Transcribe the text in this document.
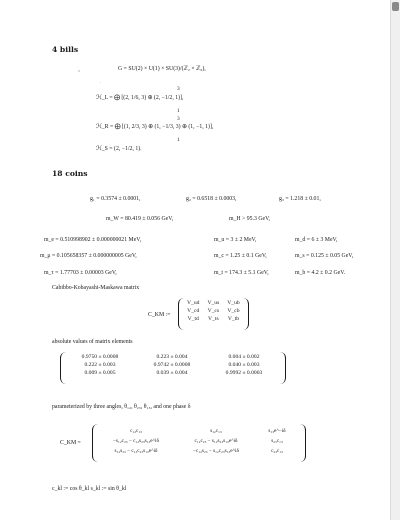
4 bills
G = SU(2) × U(1) × SU(3)/(ℤ₂ × ℤ₆),
3
ℋ_L = ⨁ [(2, 1/6, 3) ⊕ (2, −1/2, 1)],
1
3
ℋ_R = ⨁ [(1, 2/3, 3) ⊕ (1, −1/3, 3) ⊕ (1, −1, 1)],
1
ℋ_S = (2, −1/2, 1).
18 coins
g₁ = 0.3574 ± 0.0001,	g₂ = 0.6518 ± 0.0003,	g₃ = 1.218 ± 0.01,
m_W = 80.419 ± 0.056 GeV,	m_H > 95.3 GeV,
m_e = 0.510998902 ± 0.000000021 MeV,	m_u = 3 ± 2 MeV,	m_d = 6 ± 3 MeV,
m_μ = 0.105658357 ± 0.000000005 GeV,	m_c = 1.25 ± 0.1 GeV,	m_s = 0.125 ± 0.05 GeV,
m_τ = 1.77703 ± 0.00003 GeV,	m_t = 174.3 ± 5.1 GeV,	m_b = 4.2 ± 0.2 GeV.
Cabibbo-Kobayashi-Maskawa matrix
C_KM :=
V_ud	V_us	V_ub
V_cd	V_cs	V_cb
V_td	V_ts	V_tb
absolute values of matrix elements
0.9750 ± 0.0008	0.223 ± 0.004	0.004 ± 0.002
0.222 ± 0.003	0.9742 ± 0.0008	0.040 ± 0.003
0.009 ± 0.005	0.039 ± 0.004	0.9992 ± 0.0003
parameterized by three angles, θ₁₂, θ₂₃, θ₁₃, and one phase δ
C_KM =
c₁₂c₁₃	s₁₂c₁₃	s₁₃e^−iδ
−s₁₂c₂₃ − c₁₂s₂₃s₁₃e^iδ	c₁₂c₂₃ − s₁₂s₂₃s₁₃e^iδ	s₂₃c₁₃
s₁₂s₂₃ − c₁₂c₂₃s₁₃e^iδ	−c₁₂s₂₃ − s₁₂c₂₃s₁₃e^iδ	c₂₃c₁₃
c_kl := cos θ_kl s_kl := sin θ_kl
